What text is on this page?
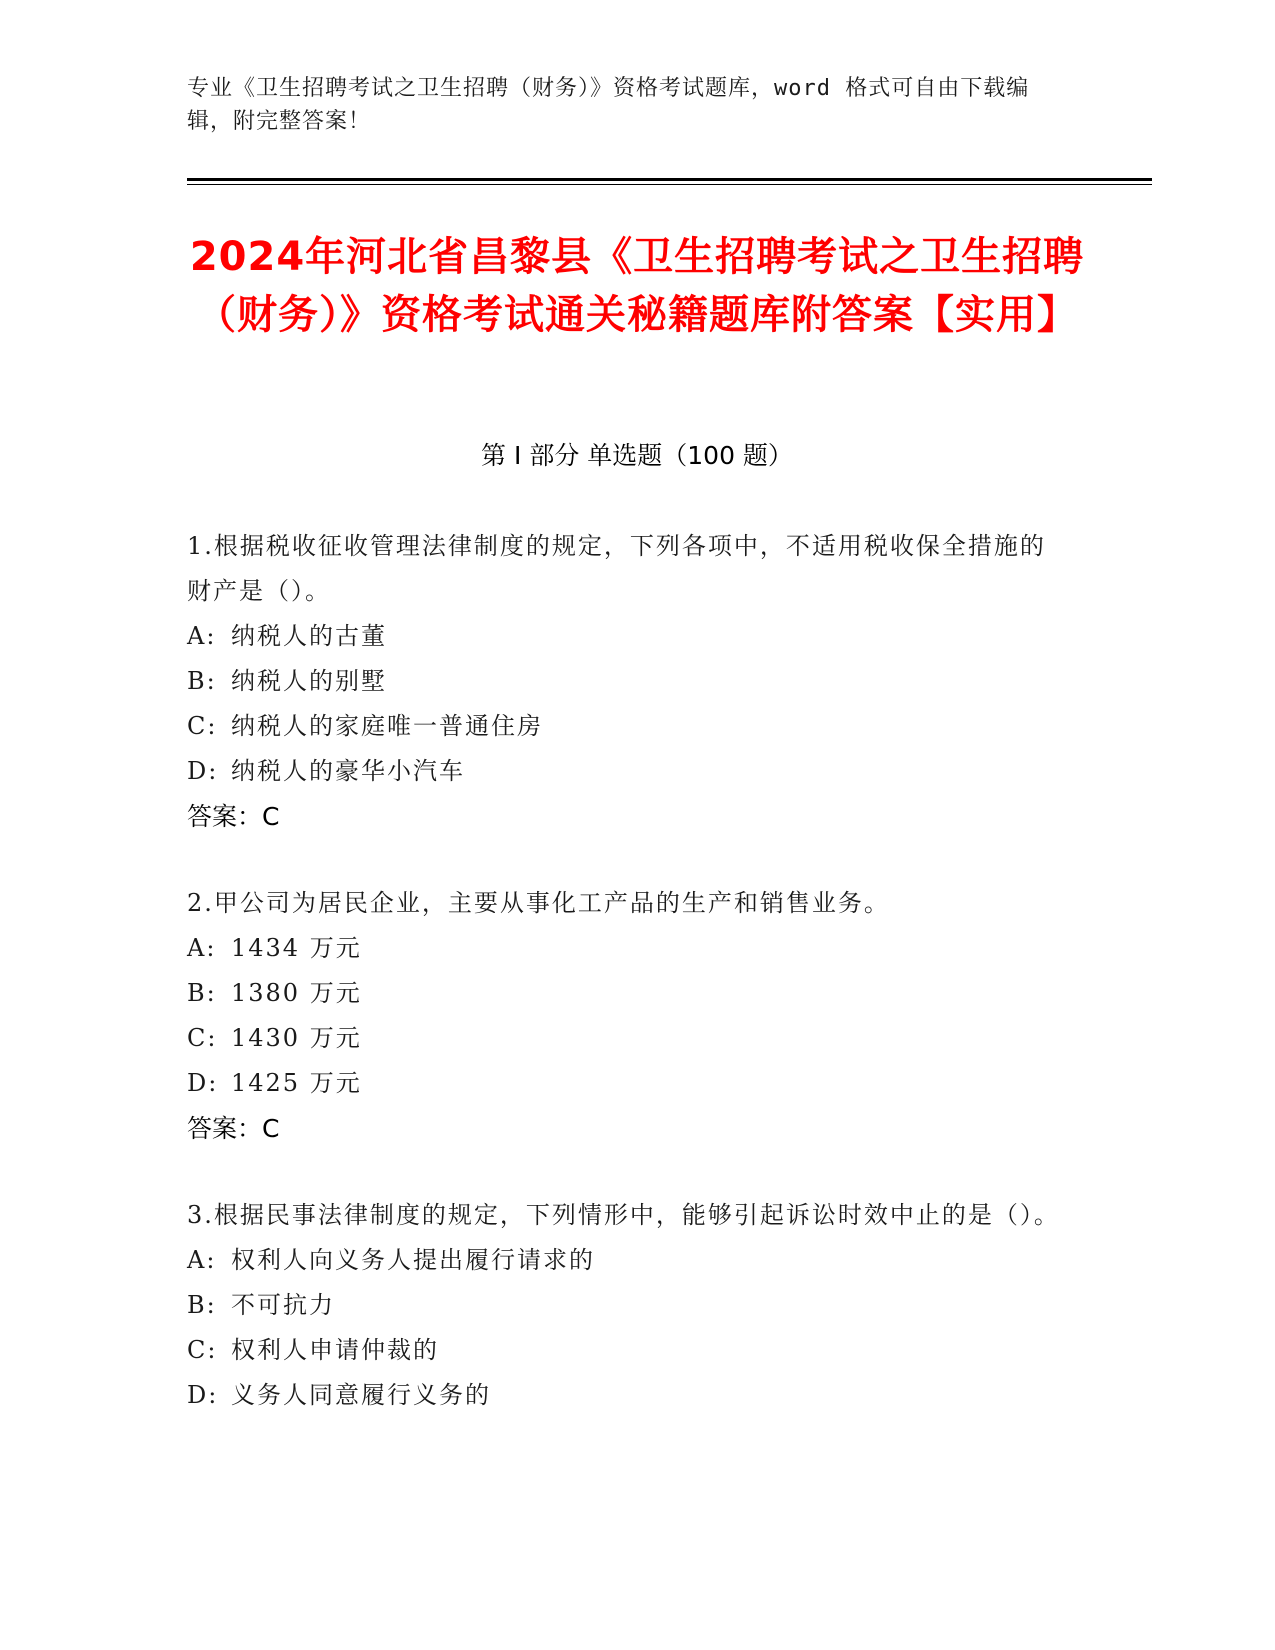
专业《卫生招聘考试之卫生招聘（财务）》资格考试题库，word 格式可自由下载编辑，附完整答案！
2024年河北省昌黎县《卫生招聘考试之卫生招聘（财务）》资格考试通关秘籍题库附答案【实用】
第 I 部分 单选题（100 题）
1.根据税收征收管理法律制度的规定，下列各项中，不适用税收保全措施的财产是（）。
A: 纳税人的古董
B: 纳税人的别墅
C: 纳税人的家庭唯一普通住房
D: 纳税人的豪华小汽车
答案：C
2.甲公司为居民企业，主要从事化工产品的生产和销售业务。
A: 1434 万元
B: 1380 万元
C: 1430 万元
D: 1425 万元
答案：C
3.根据民事法律制度的规定，下列情形中，能够引起诉讼时效中止的是（）。
A: 权利人向义务人提出履行请求的
B: 不可抗力
C: 权利人申请仲裁的
D: 义务人同意履行义务的
